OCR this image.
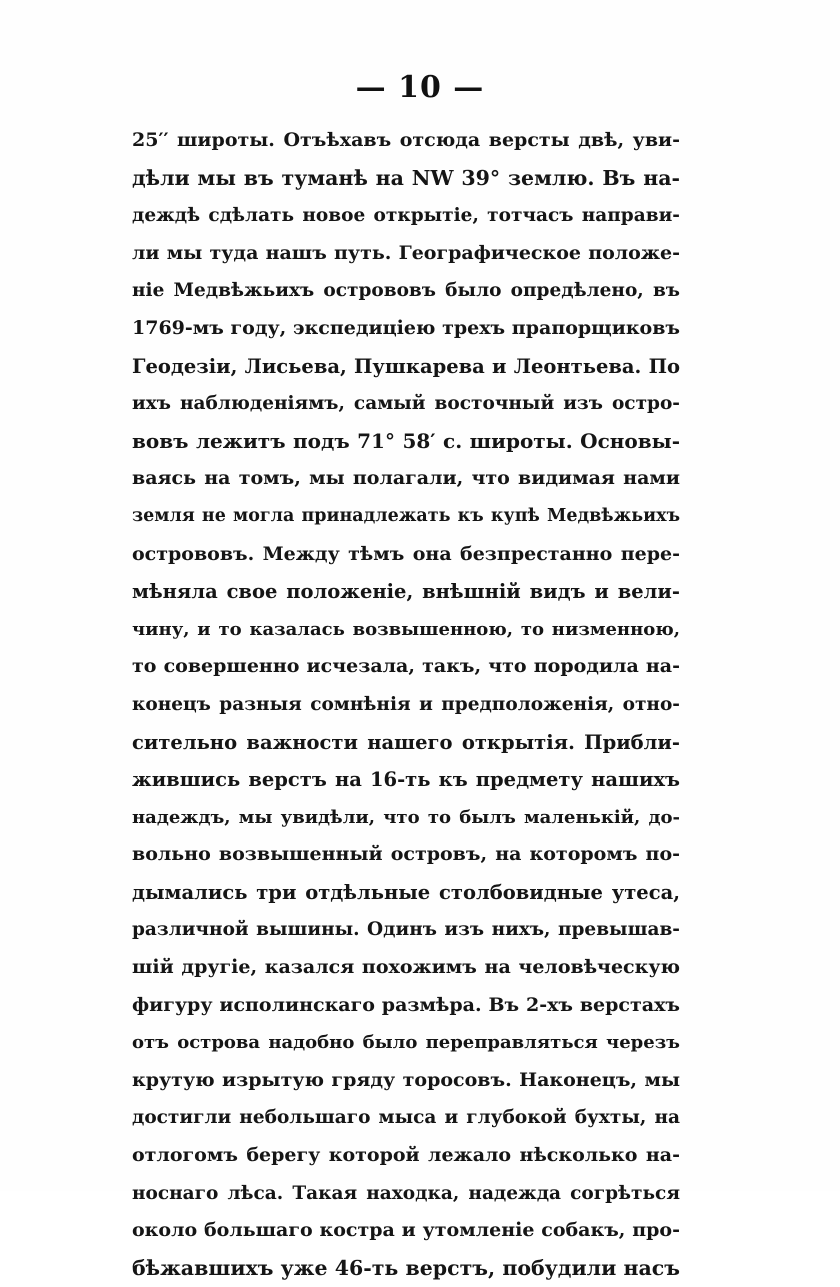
— 10 —
25′′ широты. Отъѣхавъ отсюда версты двѣ, уви-
дѣли мы въ туманѣ на NW 39° землю. Въ на-
деждѣ сдѣлать новое открытіе, тотчасъ направи-
ли мы туда нашъ путь. Географическое положе-
ніе Медвѣжьихъ острововъ было опредѣлено, въ
1769-мъ году, экспедиціею трехъ прапорщиковъ
Геодезіи, Лисьева, Пушкарева и Леонтьева. По
ихъ наблюденіямъ, самый восточный изъ остро-
вовъ лежитъ подъ 71° 58′ с. широты. Основы-
ваясь на томъ, мы полагали, что видимая нами
земля не могла принадлежать къ купѣ Медвѣжьихъ
острововъ. Между тѣмъ она безпрестанно пере-
мѣняла свое положеніе, внѣшній видъ и вели-
чину, и то казалась возвышенною, то низменною,
то совершенно исчезала, такъ, что породила на-
конецъ разныя сомнѣнія и предположенія, отно-
сительно важности нашего открытія. Прибли-
жившись верстъ на 16-ть къ предмету нашихъ
надеждъ, мы увидѣли, что то былъ маленькій, до-
вольно возвышенный островъ, на которомъ по-
дымались три отдѣльные столбовидные утеса,
различной вышины. Одинъ изъ нихъ, превышав-
шій другіе, казался похожимъ на человѣческую
фигуру исполинскаго размѣра. Въ 2-хъ верстахъ
отъ острова надобно было переправляться черезъ
крутую изрытую гряду торосовъ. Наконецъ, мы
достигли небольшаго мыса и глубокой бухты, на
отлогомъ берегу которой лежало нѣсколько на-
носнаго лѣса. Такая находка, надежда согрѣться
около большаго костра и утомленіе собакъ, про-
бѣжавшихъ уже 46-ть верстъ, побудили насъ
